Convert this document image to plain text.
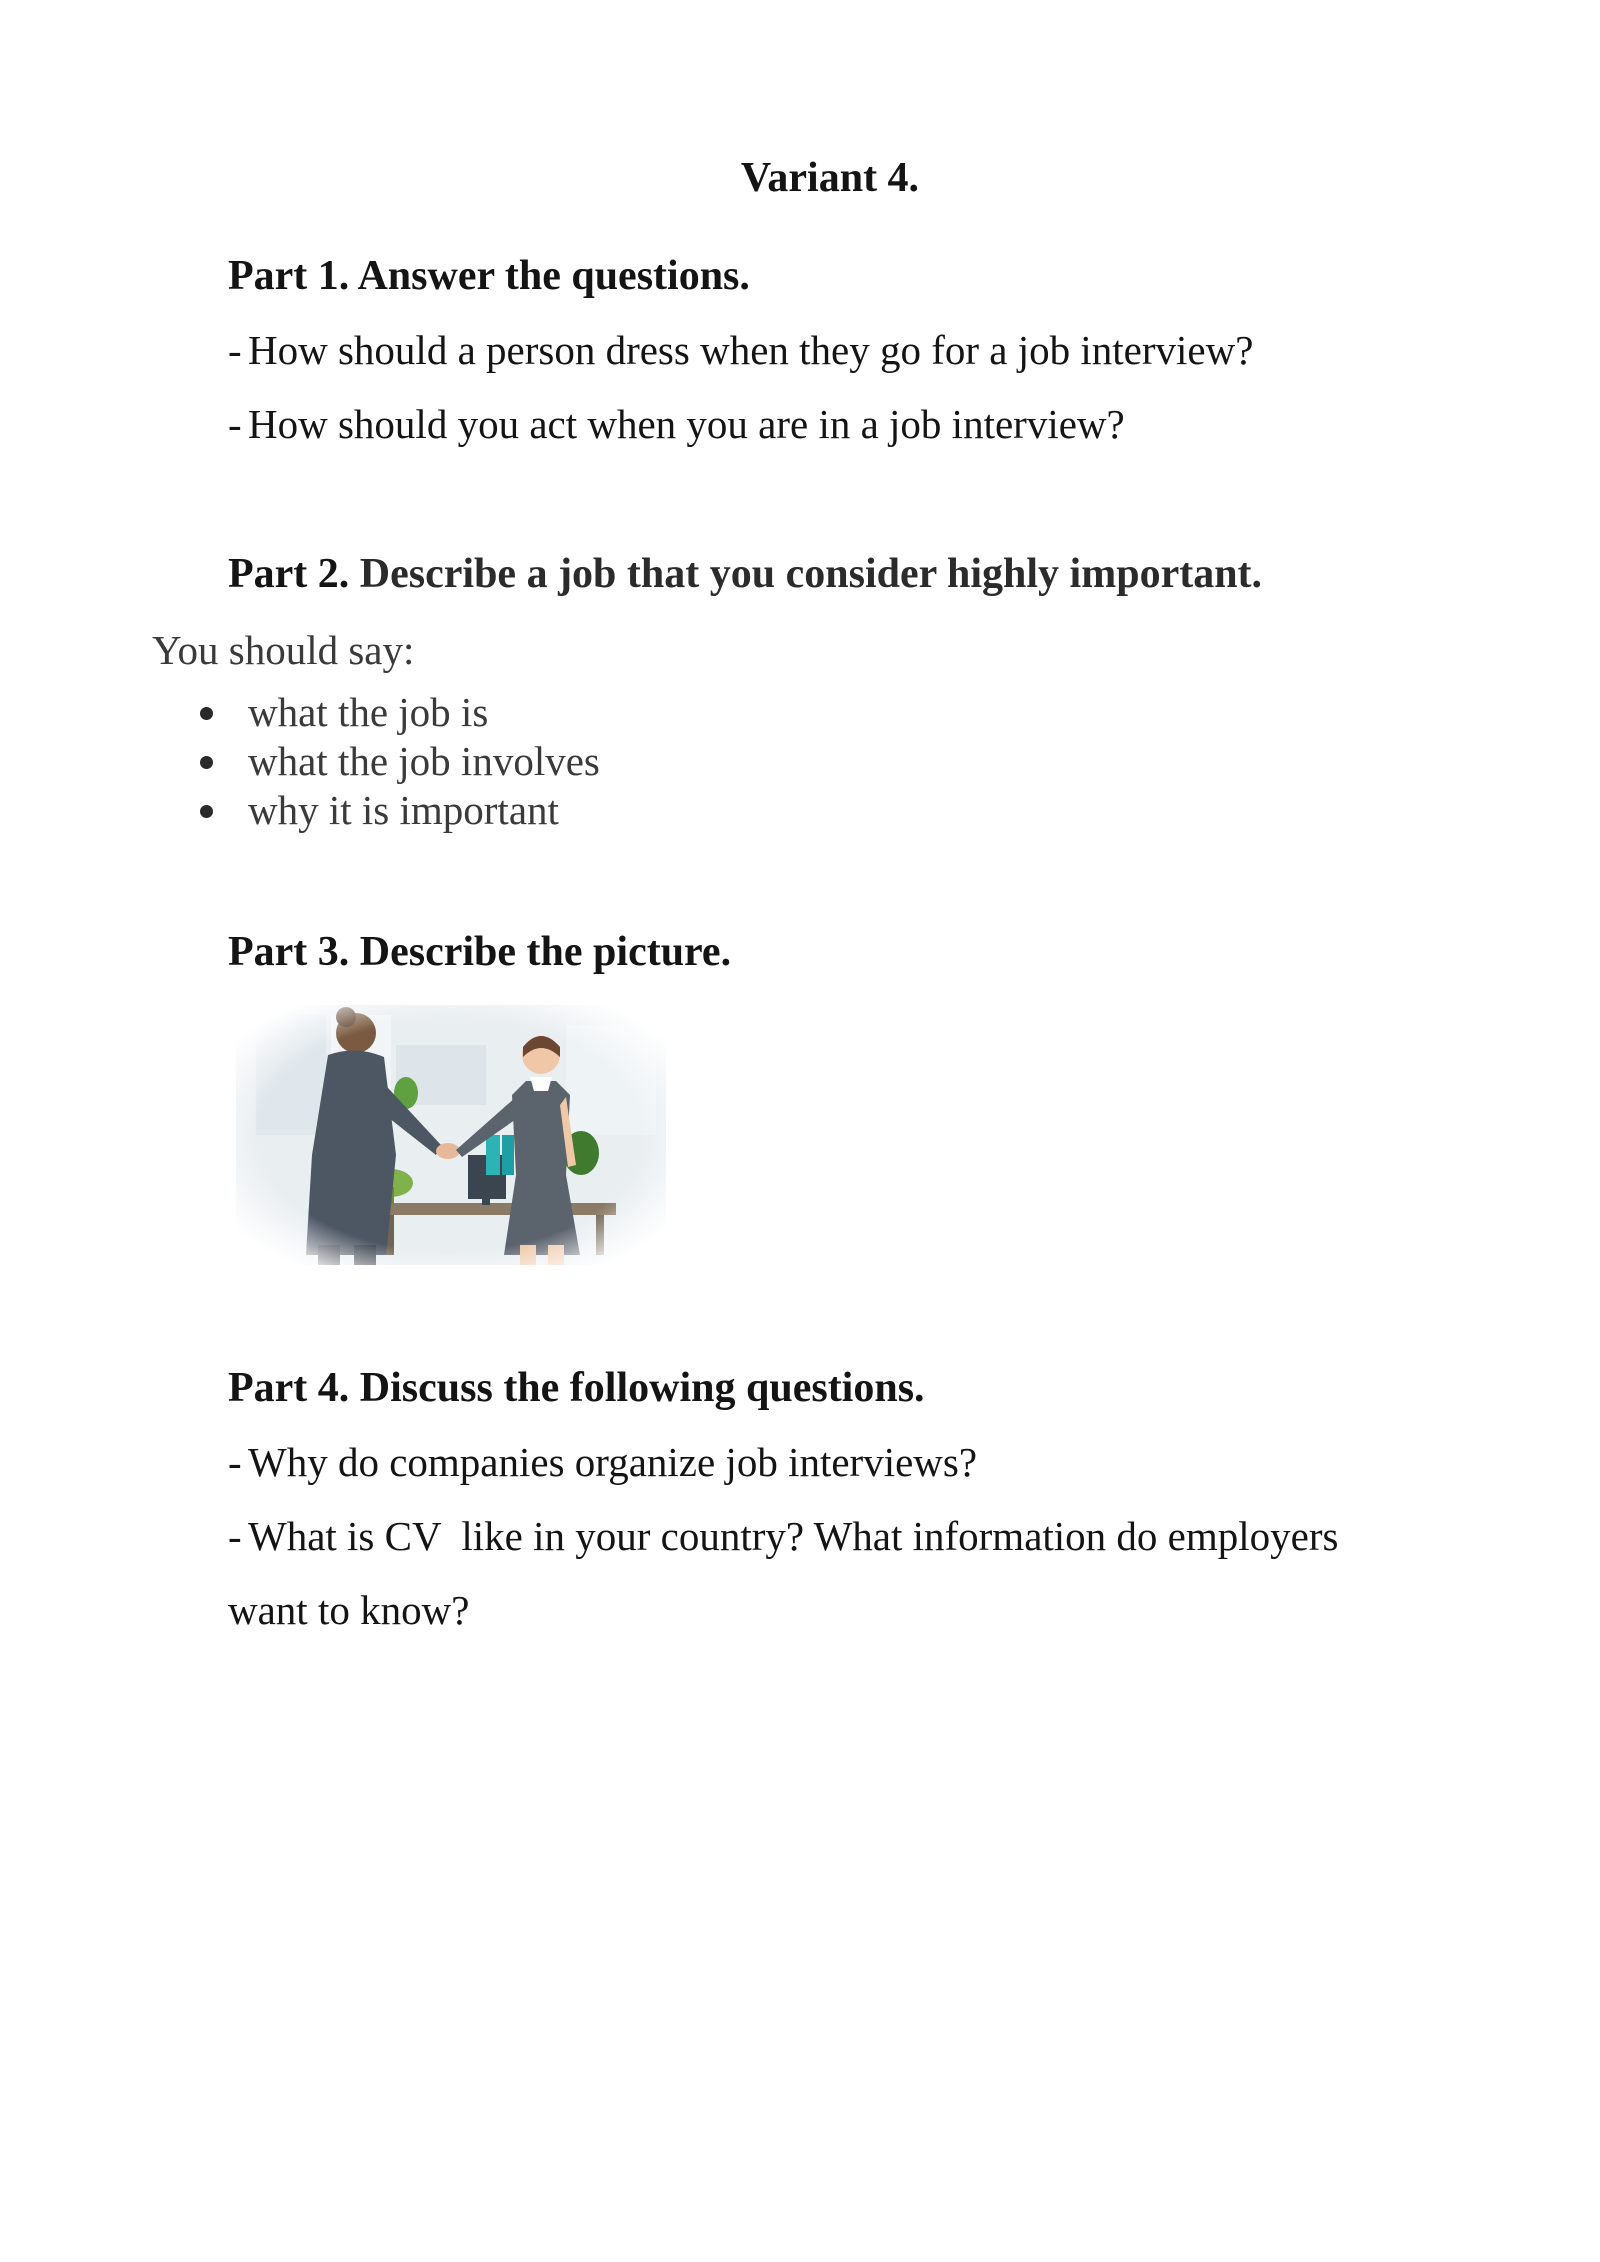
Variant 4.
Part 1. Answer the questions.

- How should a person dress when they go for a job interview?

- How should you act when you are in a job interview?

Part 2. Describe a job that you consider highly important.

You should say:

what the job is
what the job involves
why it is important
Part 3. Describe the picture.
Part 4. Discuss the following questions.

- Why do companies organize job interviews?

- What is CV  like in your country? What information do employers

want to know?
